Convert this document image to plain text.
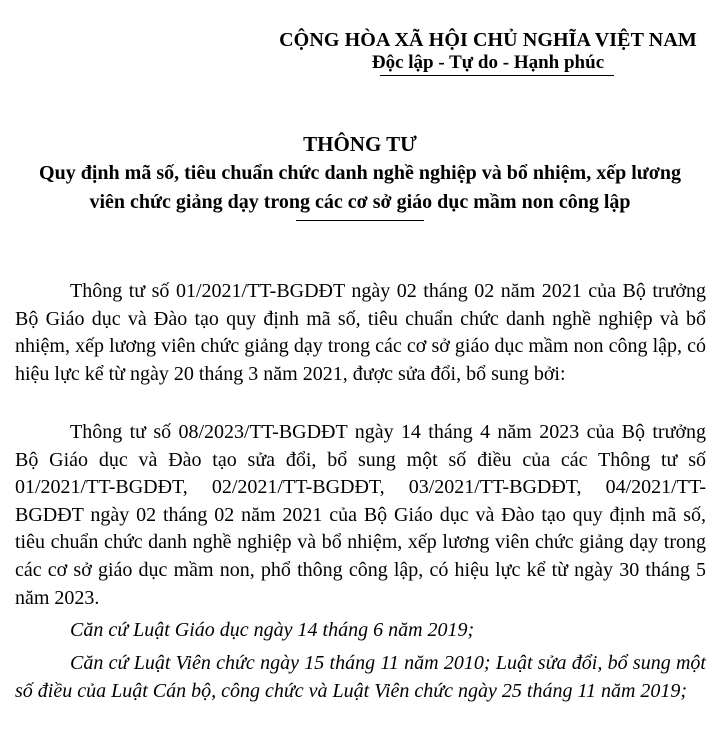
CỘNG HÒA XÃ HỘI CHỦ NGHĨA VIỆT NAM
Độc lập - Tự do - Hạnh phúc
THÔNG TƯ
Quy định mã số, tiêu chuẩn chức danh nghề nghiệp và bổ nhiệm, xếp lương
viên chức giảng dạy trong các cơ sở giáo dục mầm non công lập

Thông tư số 01/2021/TT-BGDĐT ngày 02 tháng 02 năm 2021 của Bộ trưởng Bộ Giáo dục và Đào tạo quy định mã số, tiêu chuẩn chức danh nghề nghiệp và bổ nhiệm, xếp lương viên chức giảng dạy trong các cơ sở giáo dục mầm non công lập, có hiệu lực kể từ ngày 20 tháng 3 năm 2021, được sửa đổi, bổ sung bởi:

Thông tư số 08/2023/TT-BGDĐT ngày 14 tháng 4 năm 2023 của Bộ trưởng Bộ Giáo dục và Đào tạo sửa đổi, bổ sung một số điều của các Thông tư số 01/2021/TT-BGDĐT, 02/2021/TT-BGDĐT, 03/2021/TT-BGDĐT, 04/2021/TT-BGDĐT ngày 02 tháng 02 năm 2021 của Bộ Giáo dục và Đào tạo quy định mã số, tiêu chuẩn chức danh nghề nghiệp và bổ nhiệm, xếp lương viên chức giảng dạy trong các cơ sở giáo dục mầm non, phổ thông công lập, có hiệu lực kể từ ngày 30 tháng 5 năm 2023.

Căn cứ Luật Giáo dục ngày 14 tháng 6 năm 2019;

Căn cứ Luật Viên chức ngày 15 tháng 11 năm 2010; Luật sửa đổi, bổ sung một số điều của Luật Cán bộ, công chức và Luật Viên chức ngày 25 tháng 11 năm 2019;
